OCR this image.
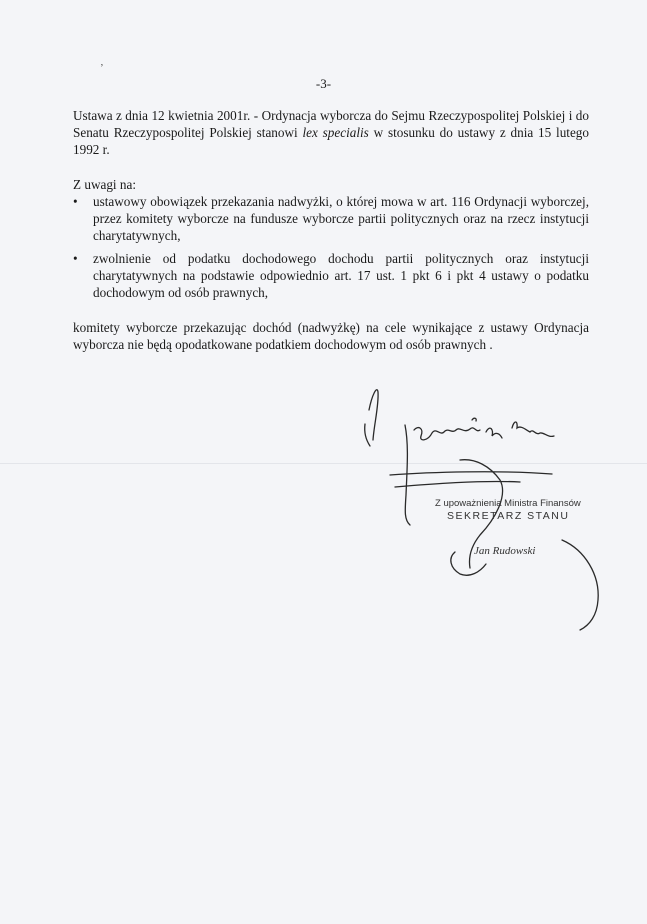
’
-3-
Ustawa z dnia 12 kwietnia 2001r. - Ordynacja wyborcza do Sejmu Rzeczypospolitej Polskiej i do Senatu Rzeczypospolitej Polskiej stanowi lex specialis w stosunku do ustawy z dnia 15 lutego 1992 r.
Z uwagi na:
• ustawowy obowiązek przekazania nadwyżki, o której mowa w art. 116 Ordynacji wyborczej, przez komitety wyborcze na fundusze wyborcze partii politycznych oraz na rzecz instytucji charytatywnych,
• zwolnienie od podatku dochodowego dochodu partii politycznych oraz instytucji charytatywnych na podstawie odpowiednio art. 17 ust. 1 pkt 6 i pkt 4 ustawy o podatku dochodowym od osób prawnych,
komitety wyborcze przekazując dochód (nadwyżkę) na cele wynikające z ustawy Ordynacja wyborcza nie będą opodatkowane podatkiem dochodowym od osób prawnych .
Z upoważnienia Ministra Finansów
SEKRETARZ STANU
Jan Rudowski
